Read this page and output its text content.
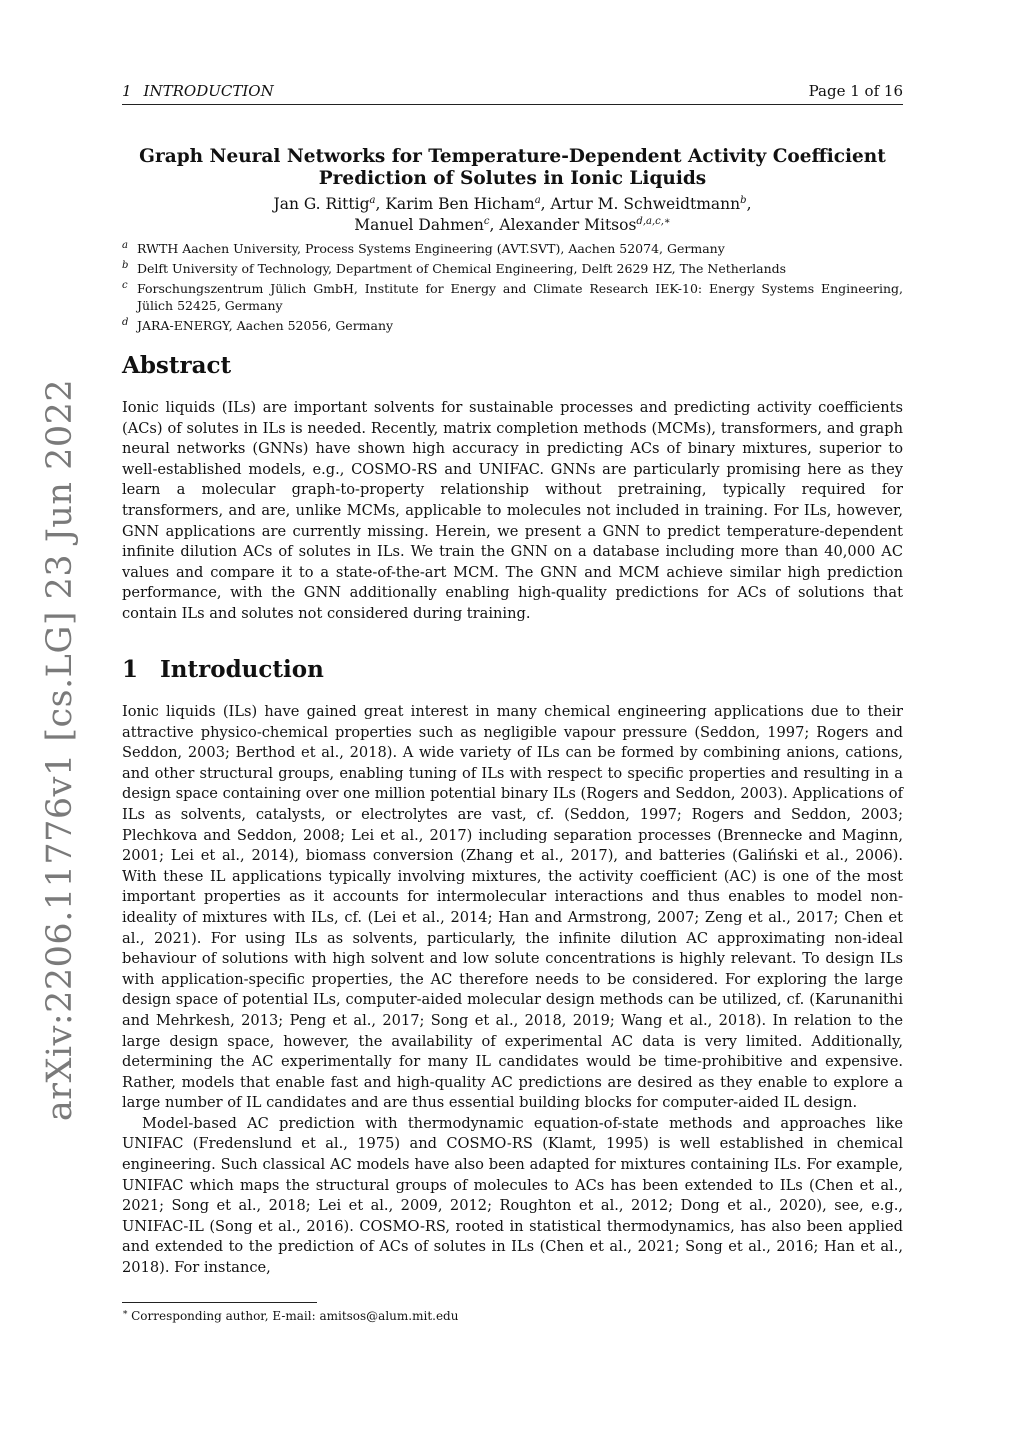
arXiv:2206.11776v1 [cs.LG] 23 Jun 2022
1 INTRODUCTION	Page 1 of 16
Graph Neural Networks for Temperature-Dependent Activity Coefficient
Prediction of Solutes in Ionic Liquids
Jan G. Rittig$^a$, Karim Ben Hicham$^a$, Artur M. Schweidtmann$^b$,
Manuel Dahmen$^c$, Alexander Mitsos$^{d,a,c,∗}$
a RWTH Aachen University, Process Systems Engineering (AVT.SVT), Aachen 52074, Germany
b Delft University of Technology, Department of Chemical Engineering, Delft 2629 HZ, The Netherlands
c Forschungszentrum Jülich GmbH, Institute for Energy and Climate Research IEK-10: Energy Systems Engineering, Jülich 52425, Germany
d JARA-ENERGY, Aachen 52056, Germany
Abstract
Ionic liquids (ILs) are important solvents for sustainable processes and predicting activity coefficients (ACs) of solutes in ILs is needed. Recently, matrix completion methods (MCMs), transformers, and graph neural networks (GNNs) have shown high accuracy in predicting ACs of binary mixtures, superior to well-established models, e.g., COSMO-RS and UNIFAC. GNNs are particularly promising here as they learn a molecular graph-to-property relationship without pretraining, typically required for transformers, and are, unlike MCMs, applicable to molecules not included in training. For ILs, however, GNN applications are currently missing. Herein, we present a GNN to predict temperature-dependent infinite dilution ACs of solutes in ILs. We train the GNN on a database including more than 40,000 AC values and compare it to a state-of-the-art MCM. The GNN and MCM achieve similar high prediction performance, with the GNN additionally enabling high-quality predictions for ACs of solutions that contain ILs and solutes not considered during training.
1 Introduction

Ionic liquids (ILs) have gained great interest in many chemical engineering applications due to their attractive physico-chemical properties such as negligible vapour pressure (Seddon, 1997; Rogers and Seddon, 2003; Berthod et al., 2018). A wide variety of ILs can be formed by combining anions, cations, and other structural groups, enabling tuning of ILs with respect to specific properties and resulting in a design space containing over one million potential binary ILs (Rogers and Seddon, 2003). Applications of ILs as solvents, catalysts, or electrolytes are vast, cf. (Seddon, 1997; Rogers and Seddon, 2003; Plechkova and Seddon, 2008; Lei et al., 2017) including separation processes (Brennecke and Maginn, 2001; Lei et al., 2014), biomass conversion (Zhang et al., 2017), and batteries (Galiński et al., 2006). With these IL applications typically involving mixtures, the activity coefficient (AC) is one of the most important properties as it accounts for intermolecular interactions and thus enables to model non-ideality of mixtures with ILs, cf. (Lei et al., 2014; Han and Armstrong, 2007; Zeng et al., 2017; Chen et al., 2021). For using ILs as solvents, particularly, the infinite dilution AC approximating non-ideal behaviour of solutions with high solvent and low solute concentrations is highly relevant. To design ILs with application-specific properties, the AC therefore needs to be considered. For exploring the large design space of potential ILs, computer-aided molecular design methods can be utilized, cf. (Karunanithi and Mehrkesh, 2013; Peng et al., 2017; Song et al., 2018, 2019; Wang et al., 2018). In relation to the large design space, however, the availability of experimental AC data is very limited. Additionally, determining the AC experimentally for many IL candidates would be time-prohibitive and expensive. Rather, models that enable fast and high-quality AC predictions are desired as they enable to explore a large number of IL candidates and are thus essential building blocks for computer-aided IL design.

Model-based AC prediction with thermodynamic equation-of-state methods and approaches like UNIFAC (Fredenslund et al., 1975) and COSMO-RS (Klamt, 1995) is well established in chemical engineering. Such classical AC models have also been adapted for mixtures containing ILs. For example, UNIFAC which maps the structural groups of molecules to ACs has been extended to ILs (Chen et al., 2021; Song et al., 2018; Lei et al., 2009, 2012; Roughton et al., 2012; Dong et al., 2020), see, e.g., UNIFAC-IL (Song et al., 2016). COSMO-RS, rooted in statistical thermodynamics, has also been applied and extended to the prediction of ACs of solutes in ILs (Chen et al., 2021; Song et al., 2016; Han et al., 2018). For instance,

∗ Corresponding author, E-mail: amitsos@alum.mit.edu
